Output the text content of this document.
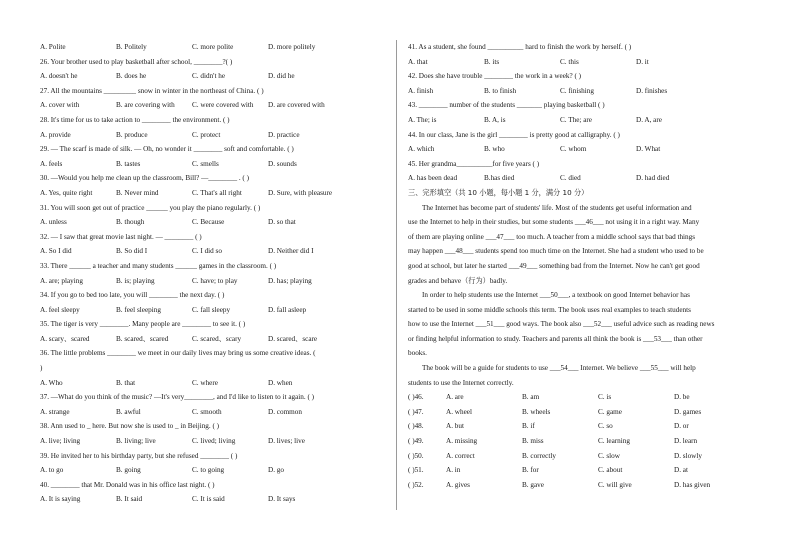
A. Polite	B. Politely	C. more polite	D. more politely
26. Your brother used to play basketball after school, ________?( )
A. doesn't he	B. does he	C. didn't he	D. did he
27. All the mountains _________ snow in winter in the northeast of China. ( )
A. cover with	B. are covering with	C. were covered with	D. are covered with
28. It's time for us to take action to ________ the environment. ( )
A. provide	B. produce	C. protect	D. practice
29. — The scarf is made of silk. — Oh, no wonder it ________ soft and comfortable. ( )
A. feels	B. tastes	C. smells	D. sounds
30. —Would you help me clean up the classroom, Bill? —________ . ( )
A. Yes, quite right	B. Never mind	C. That's all right	D. Sure, with pleasure
31. You will soon get out of practice ______ you play the piano regularly. ( )
A. unless	B. though	C. Because	D. so that
32. — I saw that great movie last night. — ________ ( )
A. So I did	B. So did I	C. I did so	D. Neither did I
33. There ______ a teacher and many students ______ games in the classroom. ( )
A. are; playing	B. is; playing	C. have; to play	D. has; playing
34. If you go to bed too late, you will ________ the next day. ( )
A. feel sleepy	B. feel sleeping	C. fall sleepy	D. fall asleep
35. The tiger is very ________. Many people are ________ to see it. ( )
A. scary、scared	B. scared、scared	C. scared、scary	D. scared、scare
36. The little problems ________ we meet in our daily lives may bring us some creative ideas. (
)
A. Who	B. that	C. where	D. when
37. —What do you think of the music? —It's very________, and I'd like to listen to it again. ( )
A. strange	B. awful	C. smooth	D. common
38. Ann used to _ here. But now she is used to _ in Beijing. ( )
A. live; living	B. living; live	C. lived; living	D. lives; live
39. He invited her to his birthday party, but she refused ________ ( )
A. to go	B. going	C. to going	D. go
40. ________ that Mr. Donald was in his office last night. ( )
A. It is saying	B. It said	C. It is said	D. It says
41. As a student, she found __________ hard to finish the work by herself. ( )
A. that	B. its	C. this	D. it
42. Does she have trouble ________ the work in a week? ( )
A. finish	B. to finish	C. finishing	D. finishes
43. ________ number of the students _______ playing basketball ( )
A. The; is	B. A, is	C. The; are	D. A, are
44. In our class, Jane is the girl ________ is pretty good at calligraphy. ( )
A. which	B. who	C. whom	D. What
45. Her grandma__________for five years ( )
A. has been dead	B.has died	C. died	D. had died
三、完形填空（共 10 小题，每小题 1 分，满分 10 分）
The Internet has become part of students' life. Most of the students get useful information and
use the Internet to help in their studies, but some students ___46___ not using it in a right way. Many
of them are playing online ___47___ too much. A teacher from a middle school says that bad things
may happen ___48___ students spend too much time on the Internet. She had a student who used to be
good at school, but later he started ___49___ something bad from the Internet. Now he can't get good
grades and behave（行为）badly.
In order to help students use the Internet ___50___, a textbook on good Internet behavior has
started to be used in some middle schools this term. The book uses real examples to teach students
how to use the Internet ___51___ good ways. The book also ___52___ useful advice such as reading news
or finding helpful information to study. Teachers and parents all think the book is ___53___ than other
books.
The book will be a guide for students to use ___54___ Internet. We believe ___55___ will help
students to use the Internet correctly.
( )46.	A. are	B. am	C. is	D. be
( )47.	A. wheel	B. wheels	C. game	D. games
( )48.	A. but	B. if	C. so	D. or
( )49.	A. missing	B. miss	C. learning	D. learn
( )50.	A. correct	B. correctly	C. slow	D. slowly
( )51.	A. in	B. for	C. about	D. at
( )52.	A. gives	B. gave	C. will give	D. has given
